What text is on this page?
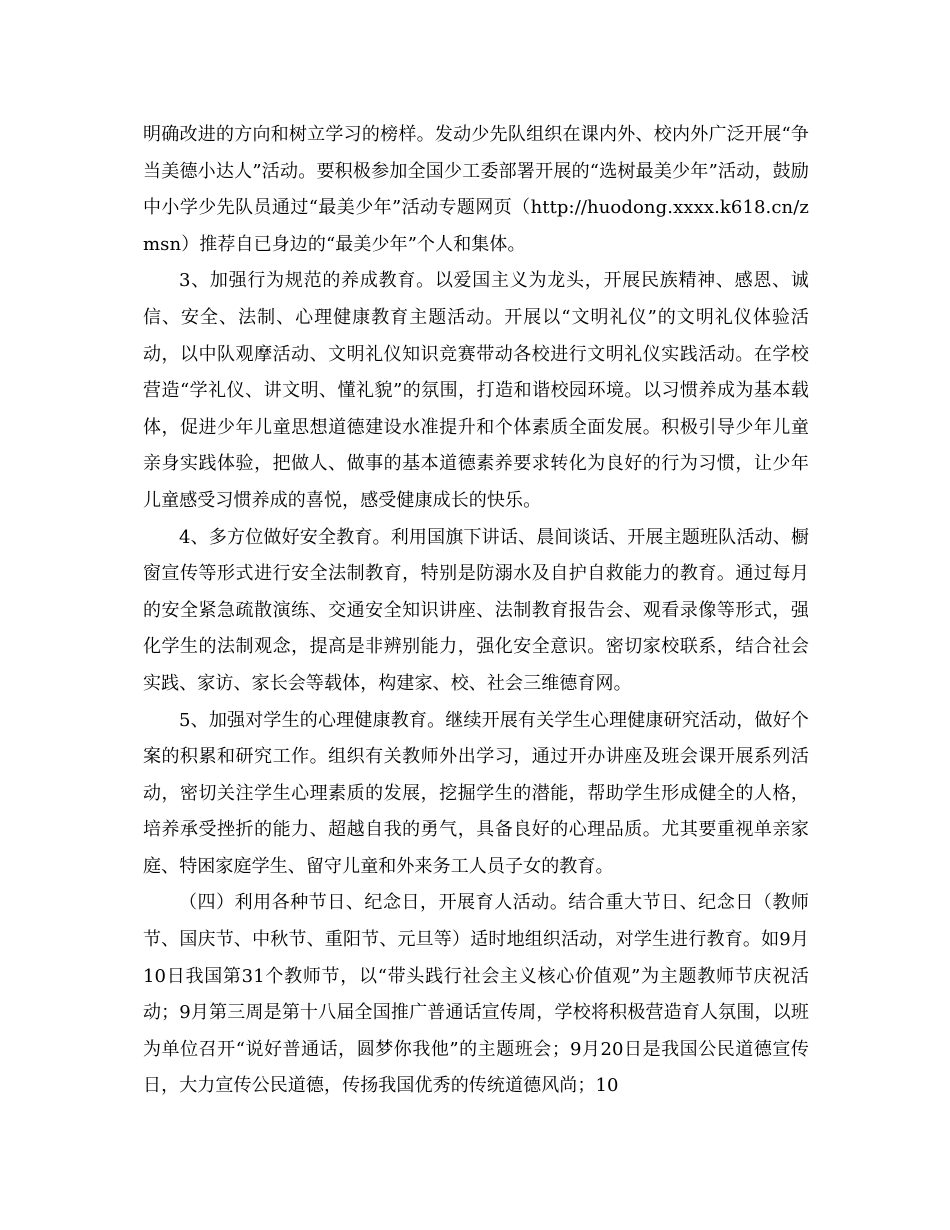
明确改进的方向和树立学习的榜样。发动少先队组织在课内外、校内外广泛开展“争当美德小达人”活动。要积极参加全国少工委部署开展的“选树最美少年”活动，鼓励中小学少先队员通过“最美少年”活动专题网页（http://huodong.xxxx.k618.cn/zmsn）推荐自已身边的“最美少年”个人和集体。

3、加强行为规范的养成教育。以爱国主义为龙头，开展民族精神、感恩、诚信、安全、法制、心理健康教育主题活动。开展以“文明礼仪”的文明礼仪体验活动，以中队观摩活动、文明礼仪知识竞赛带动各校进行文明礼仪实践活动。在学校营造“学礼仪、讲文明、懂礼貌”的氛围，打造和谐校园环境。以习惯养成为基本载体，促进少年儿童思想道德建设水准提升和个体素质全面发展。积极引导少年儿童亲身实践体验，把做人、做事的基本道德素养要求转化为良好的行为习惯，让少年儿童感受习惯养成的喜悦，感受健康成长的快乐。

4、多方位做好安全教育。利用国旗下讲话、晨间谈话、开展主题班队活动、橱窗宣传等形式进行安全法制教育，特别是防溺水及自护自救能力的教育。通过每月的安全紧急疏散演练、交通安全知识讲座、法制教育报告会、观看录像等形式，强化学生的法制观念，提高是非辨别能力，强化安全意识。密切家校联系，结合社会实践、家访、家长会等载体，构建家、校、社会三维德育网。

5、加强对学生的心理健康教育。继续开展有关学生心理健康研究活动，做好个案的积累和研究工作。组织有关教师外出学习，通过开办讲座及班会课开展系列活动，密切关注学生心理素质的发展，挖掘学生的潜能，帮助学生形成健全的人格，培养承受挫折的能力、超越自我的勇气，具备良好的心理品质。尤其要重视单亲家庭、特困家庭学生、留守儿童和外来务工人员子女的教育。

（四）利用各种节日、纪念日，开展育人活动。结合重大节日、纪念日（教师节、国庆节、中秋节、重阳节、元旦等）适时地组织活动，对学生进行教育。如9月10日我国第31个教师节，以“带头践行社会主义核心价值观”为主题教师节庆祝活动；9月第三周是第十八届全国推广普通话宣传周，学校将积极营造育人氛围，以班为单位召开“说好普通话，圆梦你我他”的主题班会；9月20日是我国公民道德宣传日，大力宣传公民道德，传扬我国优秀的传统道德风尚；10
